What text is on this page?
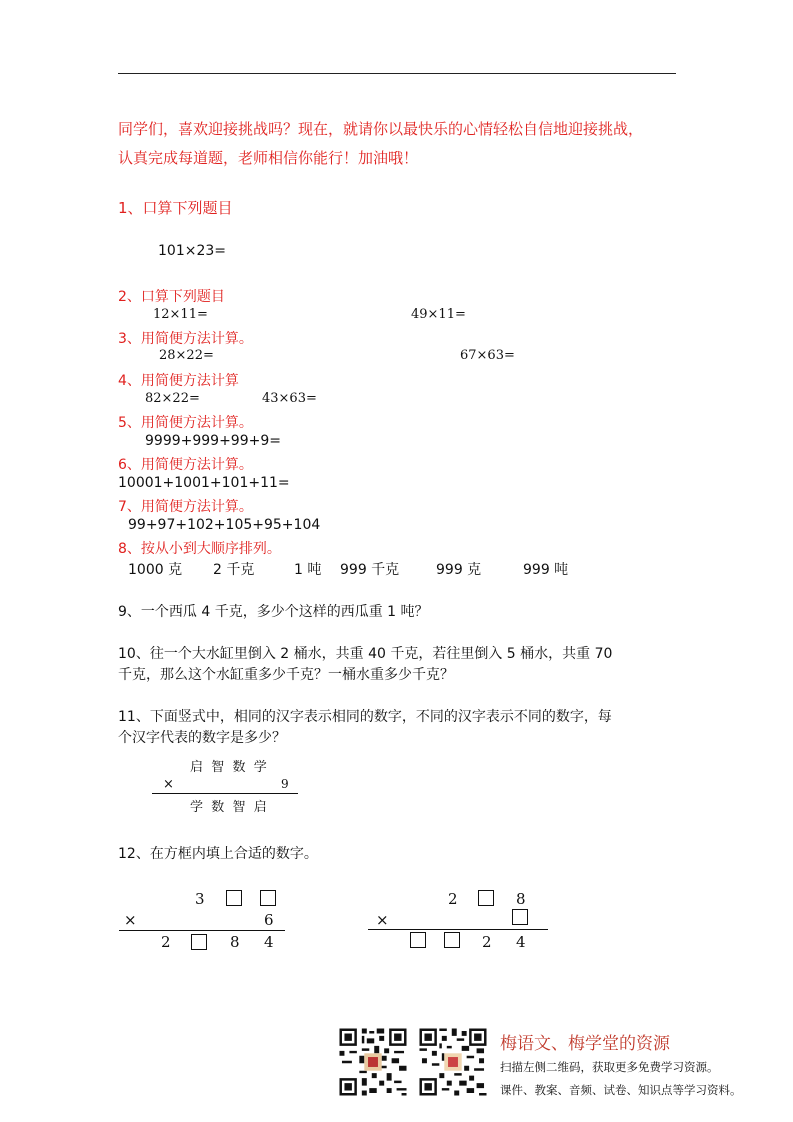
同学们，喜欢迎接挑战吗？现在，就请你以最快乐的心情轻松自信地迎接挑战，
认真完成每道题，老师相信你能行！加油哦！
1、口算下列题目
101×23=
2、口算下列题目
12×11=	49×11=
3、用简便方法计算。
28×22=	67×63=
4、用简便方法计算
82×22=	43×63=
5、用简便方法计算。
9999+999+99+9=
6、用简便方法计算。
10001+1001+101+11=
7、用简便方法计算。
99+97+102+105+95+104
8、按从小到大顺序排列。
1000 克 2 千克	1 吨 999 千克	999 克	999 吨
9、一个西瓜 4 千克，多少个这样的西瓜重 1 吨？
10、往一个大水缸里倒入 2 桶水，共重 40 千克，若往里倒入 5 桶水，共重 70
千克，那么这个水缸重多少千克？一桶水重多少千克？
11、下面竖式中，相同的汉字表示相同的数字，不同的汉字表示不同的数字，每
个汉字代表的数字是多少？
启  智  数  学
×	9
学  数  智  启
12、在方框内填上合适的数字。
3
×	6
2	8 4
2	8
×
2 4
梅语文、梅学堂的资源
扫描左侧二维码，获取更多免费学习资源。
课件、教案、音频、试卷、知识点等学习资料。
